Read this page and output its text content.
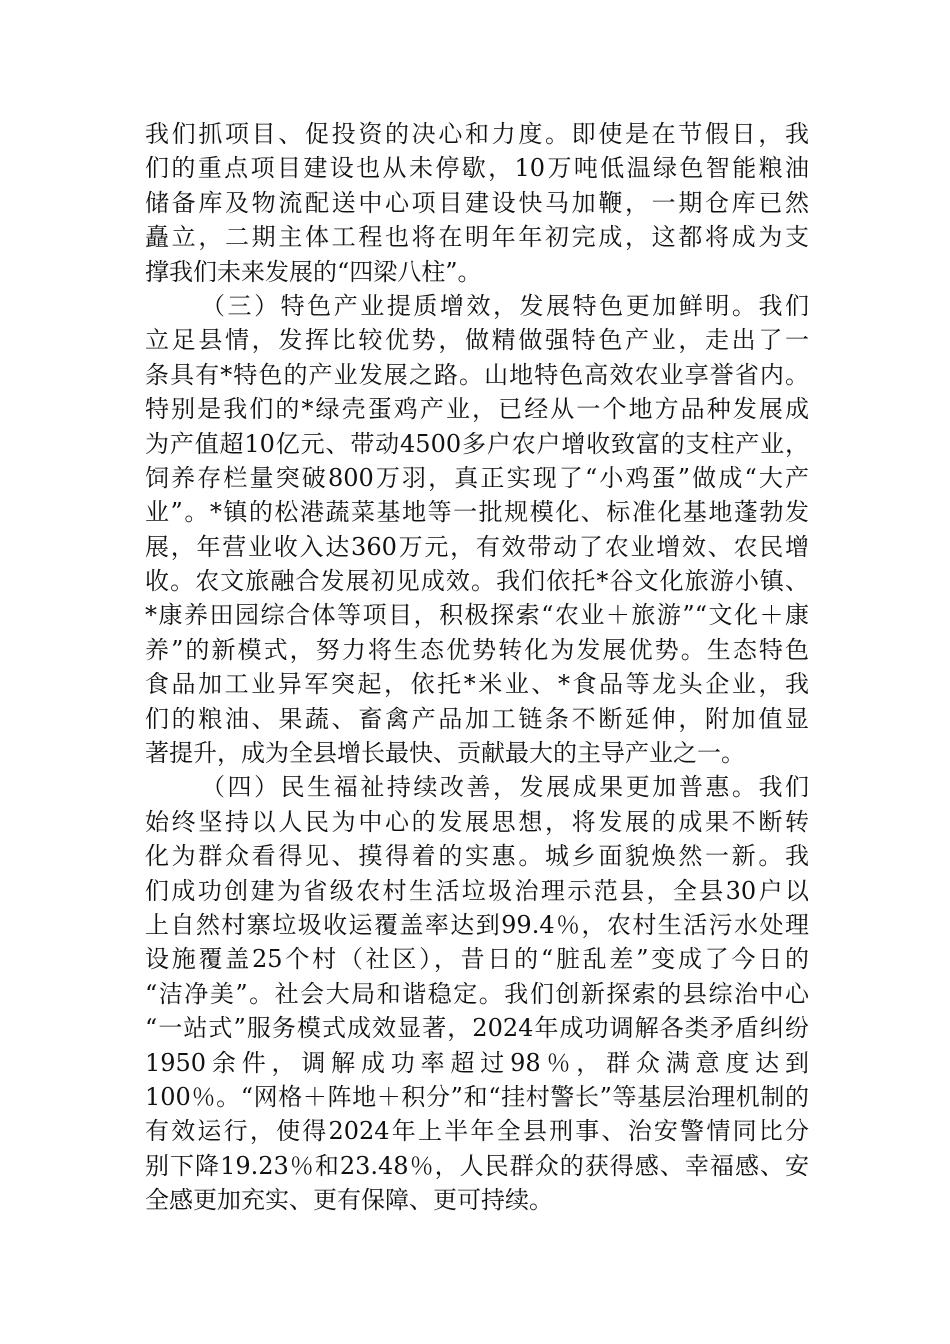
我们抓项目、促投资的决心和力度。即使是在节假日，我
们的重点项目建设也从未停歇，10万吨低温绿色智能粮油
储备库及物流配送中心项目建设快马加鞭，一期仓库已然
矗立，二期主体工程也将在明年年初完成，这都将成为支
撑我们未来发展的“四梁八柱”。
（三）特色产业提质增效，发展特色更加鲜明。我们
立足县情，发挥比较优势，做精做强特色产业，走出了一
条具有*特色的产业发展之路。山地特色高效农业享誉省内。
特别是我们的*绿壳蛋鸡产业，已经从一个地方品种发展成
为产值超10亿元、带动4500多户农户增收致富的支柱产业，
饲养存栏量突破800万羽，真正实现了“小鸡蛋”做成“大产
业”。*镇的松港蔬菜基地等一批规模化、标准化基地蓬勃发
展，年营业收入达360万元，有效带动了农业增效、农民增
收。农文旅融合发展初见成效。我们依托*谷文化旅游小镇、
*康养田园综合体等项目，积极探索“农业＋旅游”“文化＋康
养”的新模式，努力将生态优势转化为发展优势。生态特色
食品加工业异军突起，依托*米业、*食品等龙头企业，我
们的粮油、果蔬、畜禽产品加工链条不断延伸，附加值显
著提升，成为全县增长最快、贡献最大的主导产业之一。
（四）民生福祉持续改善，发展成果更加普惠。我们
始终坚持以人民为中心的发展思想，将发展的成果不断转
化为群众看得见、摸得着的实惠。城乡面貌焕然一新。我
们成功创建为省级农村生活垃圾治理示范县，全县30户以
上自然村寨垃圾收运覆盖率达到99.4％，农村生活污水处理
设施覆盖25个村（社区），昔日的“脏乱差”变成了今日的
“洁净美”。社会大局和谐稳定。我们创新探索的县综治中心
“一站式”服务模式成效显著，2024年成功调解各类矛盾纠纷
1950余件，调解成功率超过98％，群众满意度达到
100％。“网格＋阵地＋积分”和“挂村警长”等基层治理机制的
有效运行，使得2024年上半年全县刑事、治安警情同比分
别下降19.23％和23.48％，人民群众的获得感、幸福感、安
全感更加充实、更有保障、更可持续。
